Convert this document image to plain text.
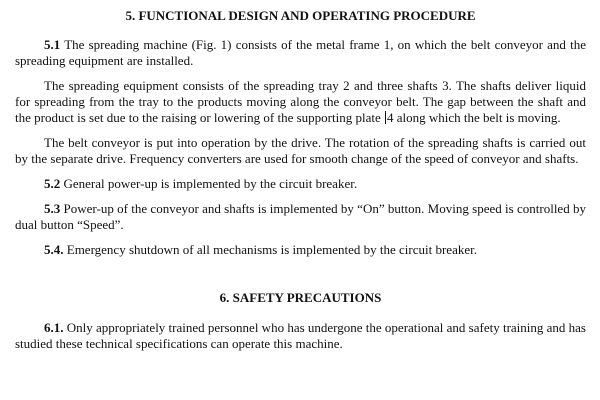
5. FUNCTIONAL DESIGN AND OPERATING PROCEDURE

5.1 The spreading machine (Fig. 1) consists of the metal frame 1, on which the belt conveyor and the spreading equipment are installed.

The spreading equipment consists of the spreading tray 2 and three shafts 3. The shafts deliver liquid for spreading from the tray to the products moving along the conveyor belt. The gap between the shaft and the product is set due to the raising or lowering of the supporting plate 4 along which the belt is moving.

The belt conveyor is put into operation by the drive. The rotation of the spreading shafts is carried out by the separate drive. Frequency converters are used for smooth change of the speed of conveyor and shafts.

5.2 General power-up is implemented by the circuit breaker.

5.3 Power-up of the conveyor and shafts is implemented by “On” button. Moving speed is controlled by dual button “Speed”.

5.4. Emergency shutdown of all mechanisms is implemented by the circuit breaker.

6. SAFETY PRECAUTIONS

6.1. Only appropriately trained personnel who has undergone the operational and safety training and has studied these technical specifications can operate this machine.
